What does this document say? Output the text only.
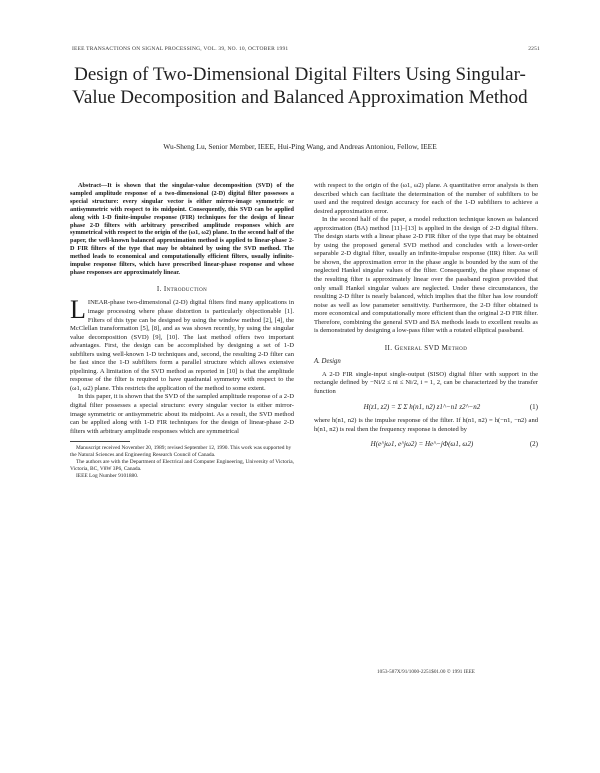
IEEE TRANSACTIONS ON SIGNAL PROCESSING, VOL. 39, NO. 10, OCTOBER 1991	2251
Design of Two-Dimensional Digital Filters Using Singular-Value Decomposition and Balanced Approximation Method
Wu-Sheng Lu, Senior Member, IEEE, Hui-Ping Wang, and Andreas Antoniou, Fellow, IEEE

Abstract—It is shown that the singular-value decomposition (SVD) of the sampled amplitude response of a two-dimensional (2-D) digital filter possesses a special structure: every singular vector is either mirror-image symmetric or antisymmetric with respect to its midpoint. Consequently, this SVD can be applied along with 1-D finite-impulse response (FIR) techniques for the design of linear phase 2-D filters with arbitrary prescribed amplitude responses which are symmetrical with respect to the origin of the (ω1, ω2) plane. In the second half of the paper, the well-known balanced approximation method is applied to linear-phase 2-D FIR filters of the type that may be obtained by using the SVD method. The method leads to economical and computationally efficient filters, usually infinite-impulse response filters, which have prescribed linear-phase response and whose phase responses are approximately linear.

I. Introduction

LINEAR-phase two-dimensional (2-D) digital filters find many applications in image processing where phase distortion is particularly objectionable [1]. Filters of this type can be designed by using the window method [2], [4], the McClellan transformation [5], [8], and as was shown recently, by using the singular value decomposition (SVD) [9], [10]. The last method offers two important advantages. First, the design can be accomplished by designing a set of 1-D subfilters using well-known 1-D techniques and, second, the resulting 2-D filter can be fast since the 1-D subfilters form a parallel structure which allows extensive pipelining. A limitation of the SVD method as reported in [10] is that the amplitude response of the filter is required to have quadrantal symmetry with respect to the (ω1, ω2) plane. This restricts the application of the method to some extent.

In this paper, it is shown that the SVD of the sampled amplitude response of a 2-D digital filter possesses a special structure: every singular vector is either mirror-image symmetric or antisymmetric about its midpoint. As a result, the SVD method can be applied along with 1-D FIR techniques for the design of linear-phase 2-D filters with arbitrary amplitude responses which are symmetrical

Manuscript received November 20, 1989; revised September 12, 1990. This work was supported by the Natural Sciences and Engineering Research Council of Canada.

The authors are with the Department of Electrical and Computer Engineering, University of Victoria, Victoria, BC, V8W 3P6, Canada.

IEEE Log Number 9101880.

with respect to the origin of the (ω1, ω2) plane. A quantitative error analysis is then described which can facilitate the determination of the number of subfilters to be used and the required design accuracy for each of the 1-D subfilters to achieve a desired approximation error.

In the second half of the paper, a model reduction technique known as balanced approximation (BA) method [11]–[13] is applied in the design of 2-D digital filters. The design starts with a linear phase 2-D FIR filter of the type that may be obtained by using the proposed general SVD method and concludes with a lower-order separable 2-D digital filter, usually an infinite-impulse response (IIR) filter. As will be shown, the approximation error in the phase angle is bounded by the sum of the neglected Hankel singular values of the filter. Consequently, the phase response of the resulting filter is approximately linear over the passband region provided that only small Hankel singular values are neglected. Under these circumstances, the resulting 2-D filter is nearly balanced, which implies that the filter has low roundoff noise as well as low parameter sensitivity. Furthermore, the 2-D filter obtained is more economical and computationally more efficient than the original 2-D FIR filter. Therefore, combining the general SVD and BA methods leads to excellent results as is demonstrated by designing a low-pass filter with a rotated elliptical passband.

II. General SVD Method
A. Design

A 2-D FIR single-input single-output (SISO) digital filter with support in the rectangle defined by −Ni/2 ≤ ni ≤ Ni/2, i = 1, 2, can be characterized by the transfer function

H(z1, z2) = Σ Σ h(n1, n2) z1^−n1 z2^−n2	(1)

where h(n1, n2) is the impulse response of the filter. If h(n1, n2) = h(−n1, −n2) and h(n1, n2) is real then the frequency response is denoted by

H(e^jω1, e^jω2) = He^−jΦ(ω1, ω2)	(2)
1053-587X/91/1000-2251$01.00 © 1991 IEEE
